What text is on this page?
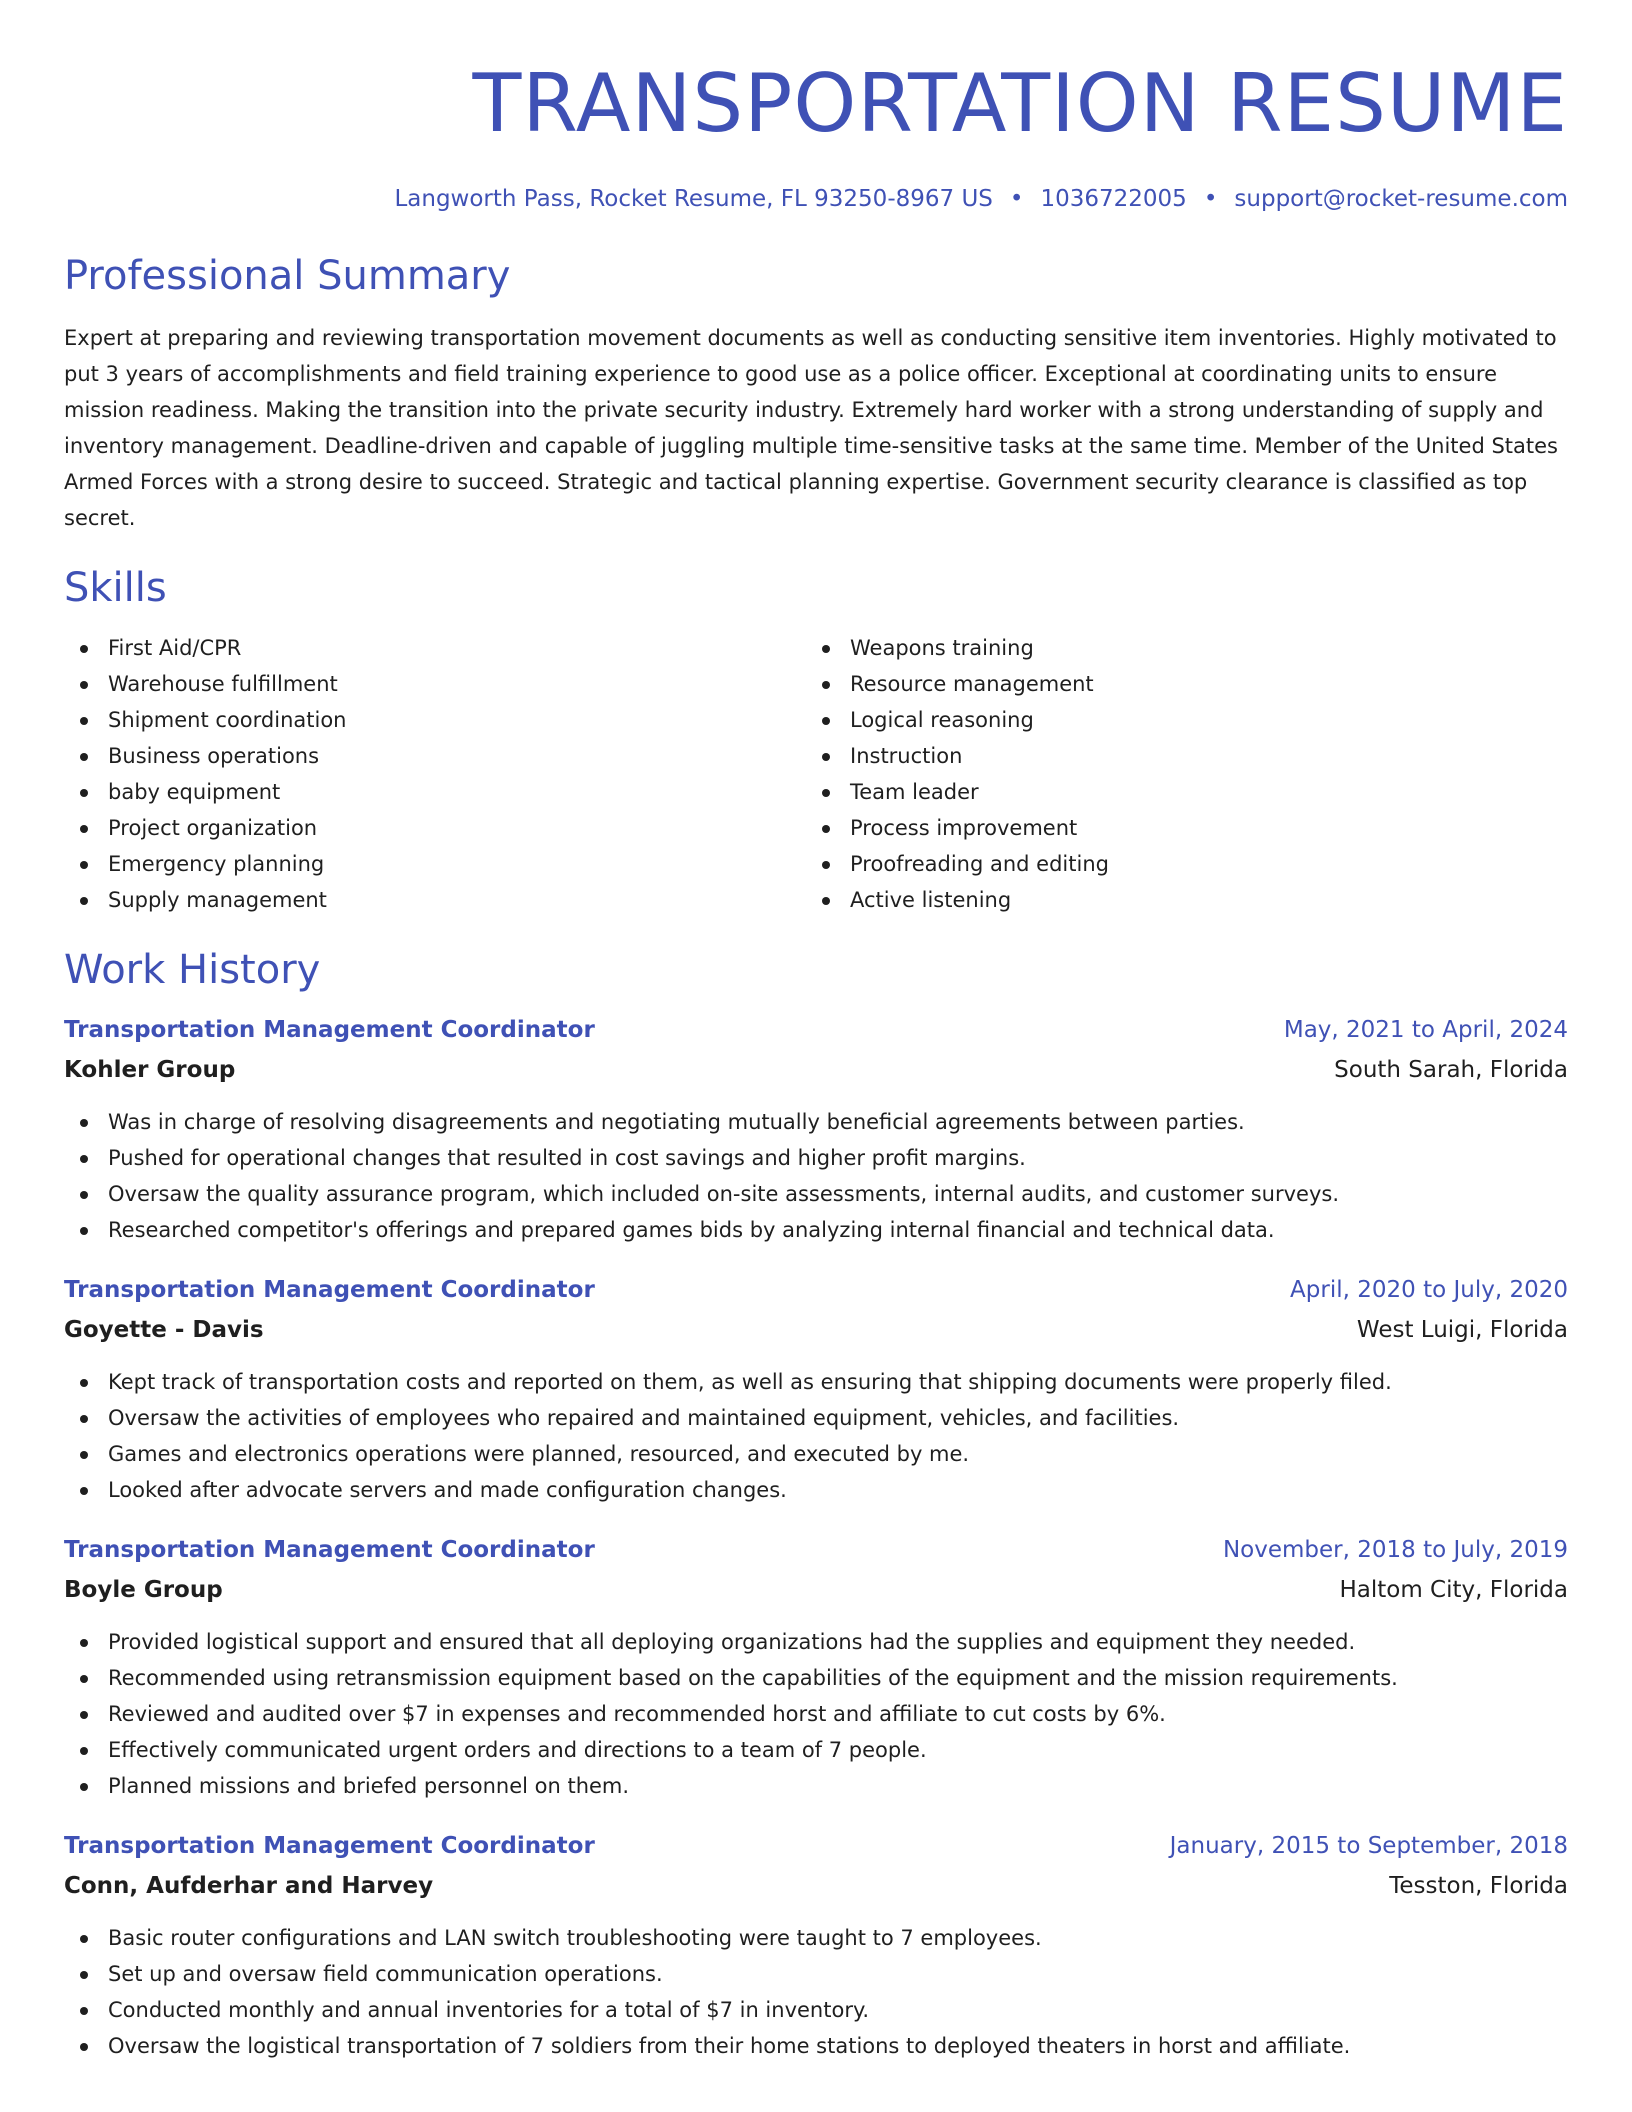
TRANSPORTATION RESUME
Langworth Pass, Rocket Resume, FL 93250-8967 US • 1036722005 • support@rocket-resume.com
Professional Summary

Expert at preparing and reviewing transportation movement documents as well as conducting sensitive item inventories. Highly motivated to put 3 years of accomplishments and field training experience to good use as a police officer. Exceptional at coordinating units to ensure mission readiness. Making the transition into the private security industry. Extremely hard worker with a strong understanding of supply and inventory management. Deadline-driven and capable of juggling multiple time-sensitive tasks at the same time. Member of the United States Armed Forces with a strong desire to succeed. Strategic and tactical planning expertise. Government security clearance is classified as top secret.

Skills
First Aid/CPR
Warehouse fulfillment
Shipment coordination
Business operations
baby equipment
Project organization
Emergency planning
Supply management
Weapons training
Resource management
Logical reasoning
Instruction
Team leader
Process improvement
Proofreading and editing
Active listening
Work History
Transportation Management Coordinator	May, 2021 to April, 2024
Kohler Group	South Sarah, Florida
Was in charge of resolving disagreements and negotiating mutually beneficial agreements between parties.
Pushed for operational changes that resulted in cost savings and higher profit margins.
Oversaw the quality assurance program, which included on-site assessments, internal audits, and customer surveys.
Researched competitor's offerings and prepared games bids by analyzing internal financial and technical data.
Transportation Management Coordinator	April, 2020 to July, 2020
Goyette - Davis	West Luigi, Florida
Kept track of transportation costs and reported on them, as well as ensuring that shipping documents were properly filed.
Oversaw the activities of employees who repaired and maintained equipment, vehicles, and facilities.
Games and electronics operations were planned, resourced, and executed by me.
Looked after advocate servers and made configuration changes.
Transportation Management Coordinator	November, 2018 to July, 2019
Boyle Group	Haltom City, Florida
Provided logistical support and ensured that all deploying organizations had the supplies and equipment they needed.
Recommended using retransmission equipment based on the capabilities of the equipment and the mission requirements.
Reviewed and audited over $7 in expenses and recommended horst and affiliate to cut costs by 6%.
Effectively communicated urgent orders and directions to a team of 7 people.
Planned missions and briefed personnel on them.
Transportation Management Coordinator	January, 2015 to September, 2018
Conn, Aufderhar and Harvey	Tesston, Florida
Basic router configurations and LAN switch troubleshooting were taught to 7 employees.
Set up and oversaw field communication operations.
Conducted monthly and annual inventories for a total of $7 in inventory.
Oversaw the logistical transportation of 7 soldiers from their home stations to deployed theaters in horst and affiliate.
